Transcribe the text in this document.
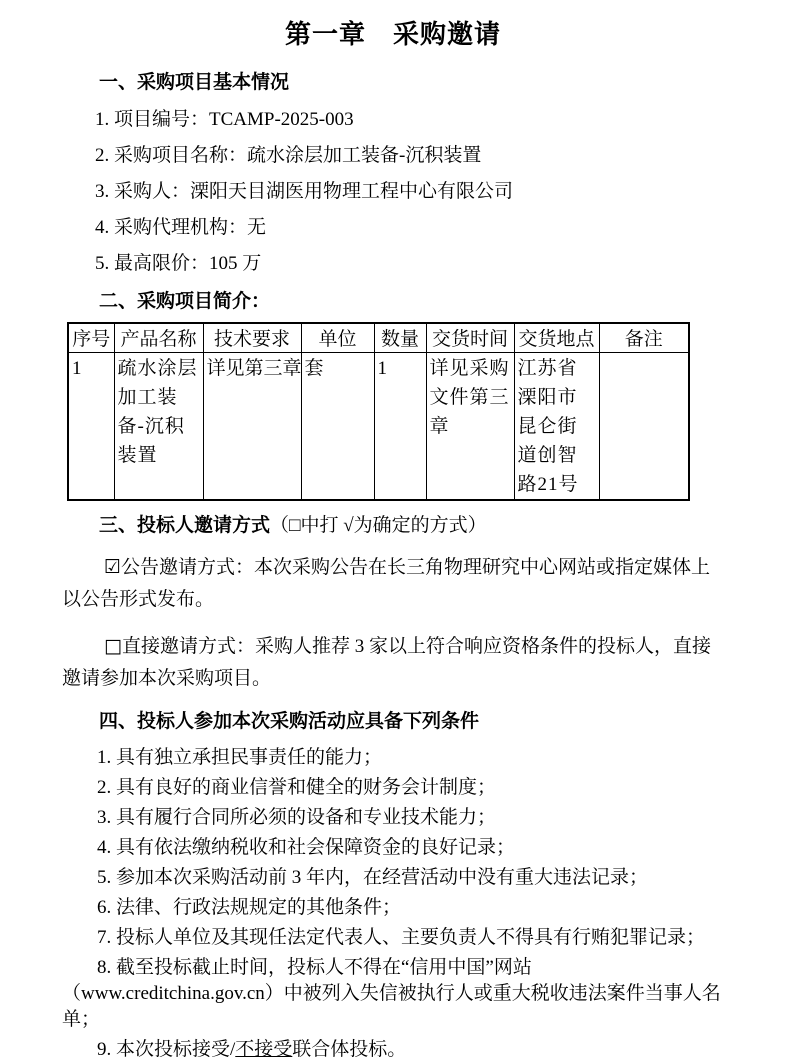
第一章　采购邀请
一、采购项目基本情况
1. 项目编号：TCAMP-2025-003
2. 采购项目名称：疏水涂层加工装备-沉积装置
3. 采购人：溧阳天目湖医用物理工程中心有限公司
4. 采购代理机构：无
5. 最高限价：105 万
二、采购项目简介：
序号	产品名称	技术要求	单位	数量	交货时间	交货地点	备注
1	疏水涂层加工装备-沉积装置	详见第三章	套	1	详见采购文件第三章	江苏省溧阳市昆仑街道创智路21号	
三、投标人邀请方式（□中打 √为确定的方式）

☑公告邀请方式：本次采购公告在长三角物理研究中心网站或指定媒体上以公告形式发布。

□直接邀请方式：采购人推荐 3 家以上符合响应资格条件的投标人，直接邀请参加本次采购项目。

四、投标人参加本次采购活动应具备下列条件
1. 具有独立承担民事责任的能力；
2. 具有良好的商业信誉和健全的财务会计制度；
3. 具有履行合同所必须的设备和专业技术能力；
4. 具有依法缴纳税收和社会保障资金的良好记录；
5. 参加本次采购活动前 3 年内，在经营活动中没有重大违法记录；
6. 法律、行政法规规定的其他条件；
7. 投标人单位及其现任法定代表人、主要负责人不得具有行贿犯罪记录；
8. 截至投标截止时间，投标人不得在“信用中国”网站（www.creditchina.gov.cn）中被列入失信被执行人或重大税收违法案件当事人名单；
9. 本次投标接受/不接受联合体投标。
